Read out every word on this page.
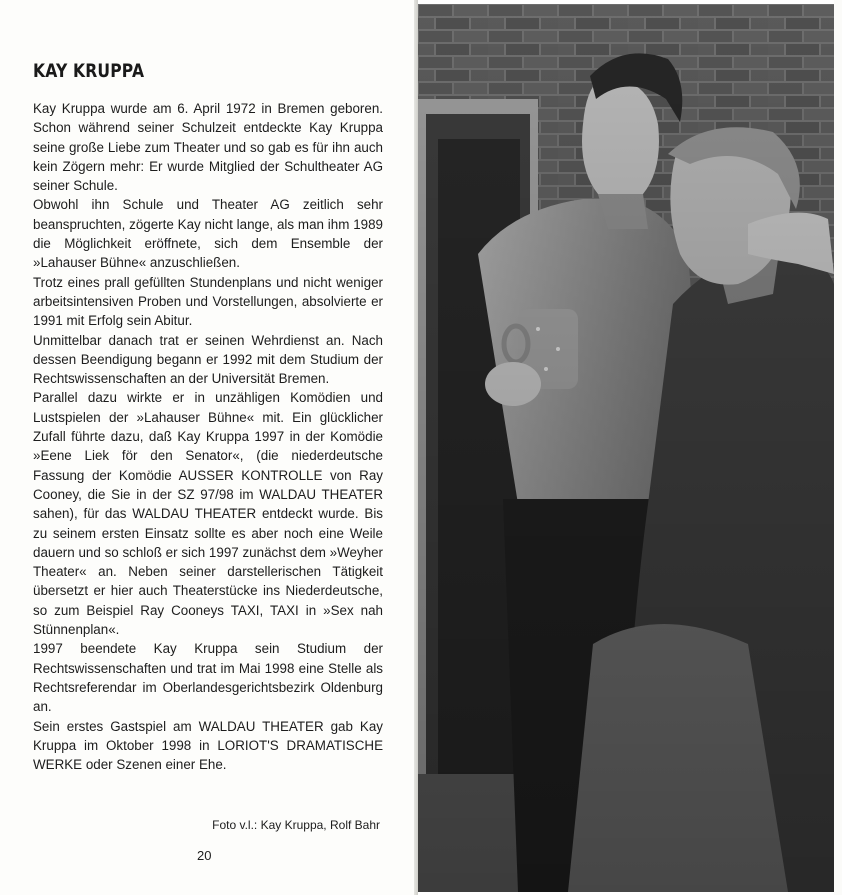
KAY KRUPPA

Kay Kruppa wurde am 6. April 1972 in Bremen geboren. Schon während seiner Schulzeit entdeckte Kay Kruppa seine große Liebe zum Theater und so gab es für ihn auch kein Zögern mehr: Er wurde Mitglied der Schultheater AG seiner Schule.

Obwohl ihn Schule und Theater AG zeitlich sehr beanspruchten, zögerte Kay nicht lange, als man ihm 1989 die Möglichkeit eröffnete, sich dem Ensemble der »Lahauser Bühne« anzuschließen.

Trotz eines prall gefüllten Stundenplans und nicht weniger arbeitsintensiven Proben und Vorstellungen, absolvierte er 1991 mit Erfolg sein Abitur.

Unmittelbar danach trat er seinen Wehrdienst an. Nach dessen Beendigung begann er 1992 mit dem Studium der Rechtswissenschaften an der Universität Bremen.

Parallel dazu wirkte er in unzähligen Komödien und Lustspielen der »Lahauser Bühne« mit. Ein glücklicher Zufall führte dazu, daß Kay Kruppa 1997 in der Komödie »Eene Liek för den Senator«, (die niederdeutsche Fassung der Komödie AUSSER KONTROLLE von Ray Cooney, die Sie in der SZ 97/98 im WALDAU THEATER sahen), für das WALDAU THEATER entdeckt wurde. Bis zu seinem ersten Einsatz sollte es aber noch eine Weile dauern und so schloß er sich 1997 zunächst dem »Weyher Theater« an. Neben seiner darstellerischen Tätigkeit übersetzt er hier auch Theaterstücke ins Niederdeutsche, so zum Beispiel Ray Cooneys TAXI, TAXI in »Sex nah Stünnenplan«.

1997 beendete Kay Kruppa sein Studium der Rechtswissenschaften und trat im Mai 1998 eine Stelle als Rechtsreferendar im Oberlandesgerichtsbezirk Oldenburg an.

Sein erstes Gastspiel am WALDAU THEATER gab Kay Kruppa im Oktober 1998 in LORIOT'S DRAMATISCHE WERKE oder Szenen einer Ehe.

Foto v.l.: Kay Kruppa, Rolf Bahr

20
